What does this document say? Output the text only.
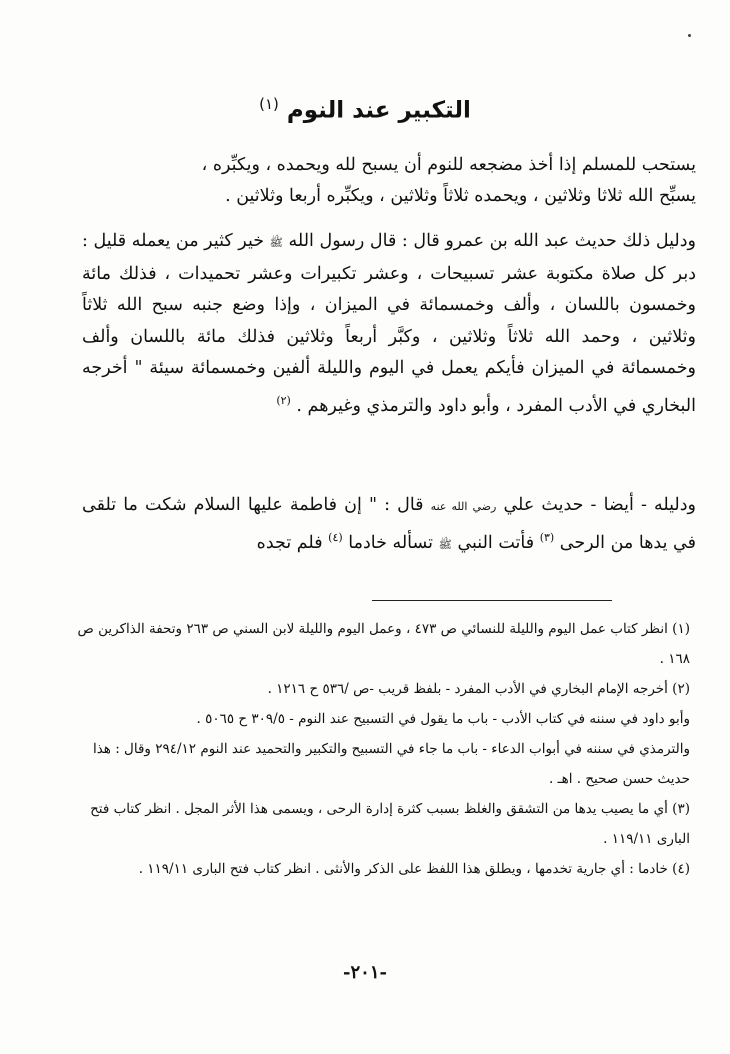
التكبير عند النوم $^{(١)}$
يستحب للمسلم إذا أخذ مضجعه للنوم أن يسبح لله ويحمده ، ويكبِّره ،
يسبِّح الله ثلاثا وثلاثين ، ويحمده ثلاثاً وثلاثين ، ويكبِّره أربعا وثلاثين .
ودليل ذلك حديث عبد الله بن عمرو قال : قال رسول الله ﷺ خير كثير من يعمله قليل : دبر كل صلاة مكتوبة عشر تسبيحات ، وعشر تكبيرات وعشر تحميدات ، فذلك مائة وخمسون باللسان ، وألف وخمسمائة في الميزان ، وإذا وضع جنبه سبح الله ثلاثاً وثلاثين ، وحمد الله ثلاثاً وثلاثين ، وكبَّر أربعاً وثلاثين فذلك مائة باللسان وألف وخمسمائة في الميزان فأيكم يعمل في اليوم والليلة ألفين وخمسمائة سيئة " أخرجه البخاري في الأدب المفرد ، وأبو داود والترمذي وغيرهم . $^{(٢)}$
ودليله - أيضا - حديث علي رضي الله عنه قال : " إن فاطمة عليها السلام شكت ما تلقى في يدها من الرحى $^{(٣)}$ فأتت النبي ﷺ تسأله خادما $^{(٤)}$ فلم تجده

(١) انظر كتاب عمل اليوم والليلة للنسائي ص ٤٧٣ ، وعمل اليوم والليلة لابن السني ص ٢٦٣ وتحفة الذاكرين ص ١٦٨ .

(٢) أخرجه الإمام البخاري في الأدب المفرد - بلفظ قريب -ص /٥٣٦ ح ١٢١٦ .

وأبو داود في سننه في كتاب الأدب - باب ما يقول في التسبيح عند النوم - ٣٠٩/٥ ح ٥٠٦٥ .

والترمذي في سننه في أبواب الدعاء - باب ما جاء في التسبيح والتكبير والتحميد عند النوم ٢٩٤/١٢ وقال : هذا حديث حسن صحيح . اهـ .

(٣) أي ما يصيب يدها من التشقق والغلظ بسبب كثرة إدارة الرحى ، ويسمى هذا الأثر المجل . انظر كتاب فتح البارى ١١٩/١١ .

(٤) خادما : أي جارية تخدمها ، ويطلق هذا اللفظ على الذكر والأنثى . انظر كتاب فتح البارى ١١٩/١١ .

-٢٠١-
